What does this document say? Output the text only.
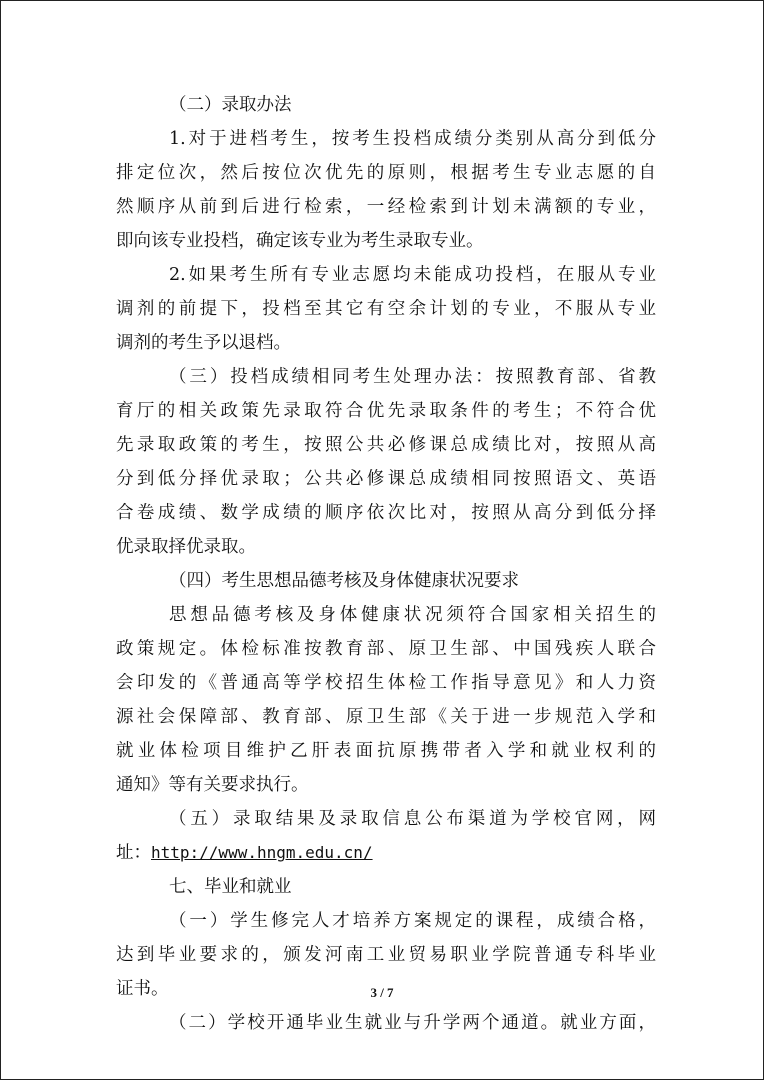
（二）录取办法
1.对于进档考生，按考生投档成绩分类别从高分到低分
排定位次，然后按位次优先的原则，根据考生专业志愿的自
然顺序从前到后进行检索，一经检索到计划未满额的专业，
即向该专业投档，确定该专业为考生录取专业。
2.如果考生所有专业志愿均未能成功投档，在服从专业
调剂的前提下，投档至其它有空余计划的专业，不服从专业
调剂的考生予以退档。
（三）投档成绩相同考生处理办法：按照教育部、省教
育厅的相关政策先录取符合优先录取条件的考生；不符合优
先录取政策的考生，按照公共必修课总成绩比对，按照从高
分到低分择优录取；公共必修课总成绩相同按照语文、英语
合卷成绩、数学成绩的顺序依次比对，按照从高分到低分择
优录取择优录取。
（四）考生思想品德考核及身体健康状况要求
思想品德考核及身体健康状况须符合国家相关招生的
政策规定。体检标准按教育部、原卫生部、中国残疾人联合
会印发的《普通高等学校招生体检工作指导意见》和人力资
源社会保障部、教育部、原卫生部《关于进一步规范入学和
就业体检项目维护乙肝表面抗原携带者入学和就业权利的
通知》等有关要求执行。
（五）录取结果及录取信息公布渠道为学校官网，网
址：http://www.hngm.edu.cn/
七、毕业和就业
（一）学生修完人才培养方案规定的课程，成绩合格，
达到毕业要求的，颁发河南工业贸易职业学院普通专科毕业
证书。
（二）学校开通毕业生就业与升学两个通道。就业方面，
3 / 7
